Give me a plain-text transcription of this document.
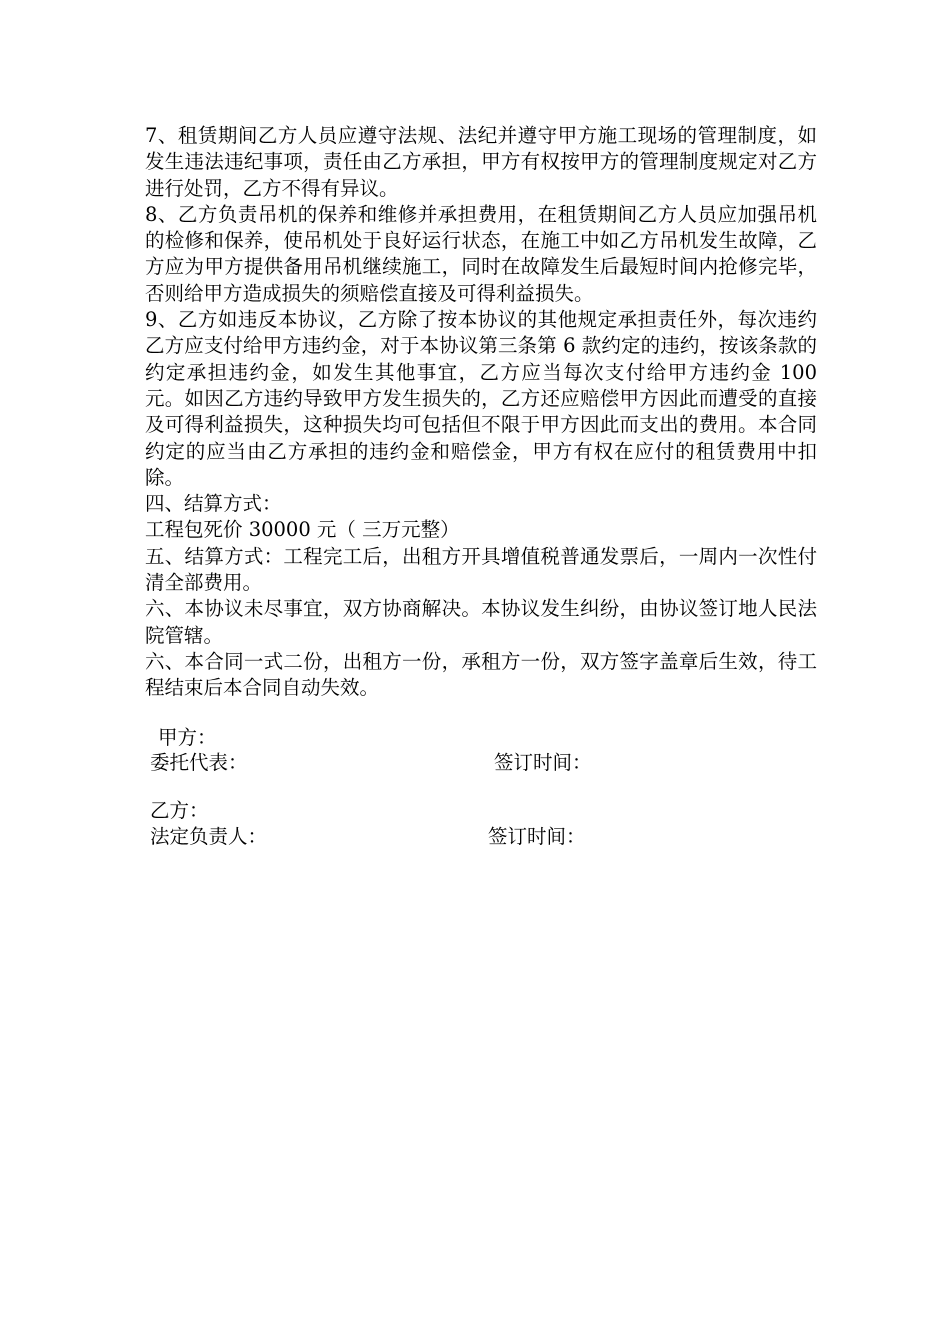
7、租赁期间乙方人员应遵守法规、法纪并遵守甲方施工现场的管理制度，如发生违法违纪事项，责任由乙方承担，甲方有权按甲方的管理制度规定对乙方进行处罚，乙方不得有异议。

8、乙方负责吊机的保养和维修并承担费用，在租赁期间乙方人员应加强吊机的检修和保养，使吊机处于良好运行状态，在施工中如乙方吊机发生故障，乙方应为甲方提供备用吊机继续施工，同时在故障发生后最短时间内抢修完毕，否则给甲方造成损失的须赔偿直接及可得利益损失。

9、乙方如违反本协议，乙方除了按本协议的其他规定承担责任外，每次违约乙方应支付给甲方违约金，对于本协议第三条第 6 款约定的违约，按该条款的约定承担违约金，如发生其他事宜，乙方应当每次支付给甲方违约金 100 元。如因乙方违约导致甲方发生损失的，乙方还应赔偿甲方因此而遭受的直接及可得利益损失，这种损失均可包括但不限于甲方因此而支出的费用。本合同约定的应当由乙方承担的违约金和赔偿金，甲方有权在应付的租赁费用中扣除。

四、结算方式：

工程包死价 30000 元（ 三万元整）

五、结算方式：工程完工后，出租方开具增值税普通发票后，一周内一次性付清全部费用。

六、本协议未尽事宜，双方协商解决。本协议发生纠纷，由协议签订地人民法院管辖。

六、本合同一式二份，出租方一份，承租方一份，双方签字盖章后生效，待工程结束后本合同自动失效。

甲方：
委托代表：	签订时间：
乙方：
法定负责人：	签订时间：
